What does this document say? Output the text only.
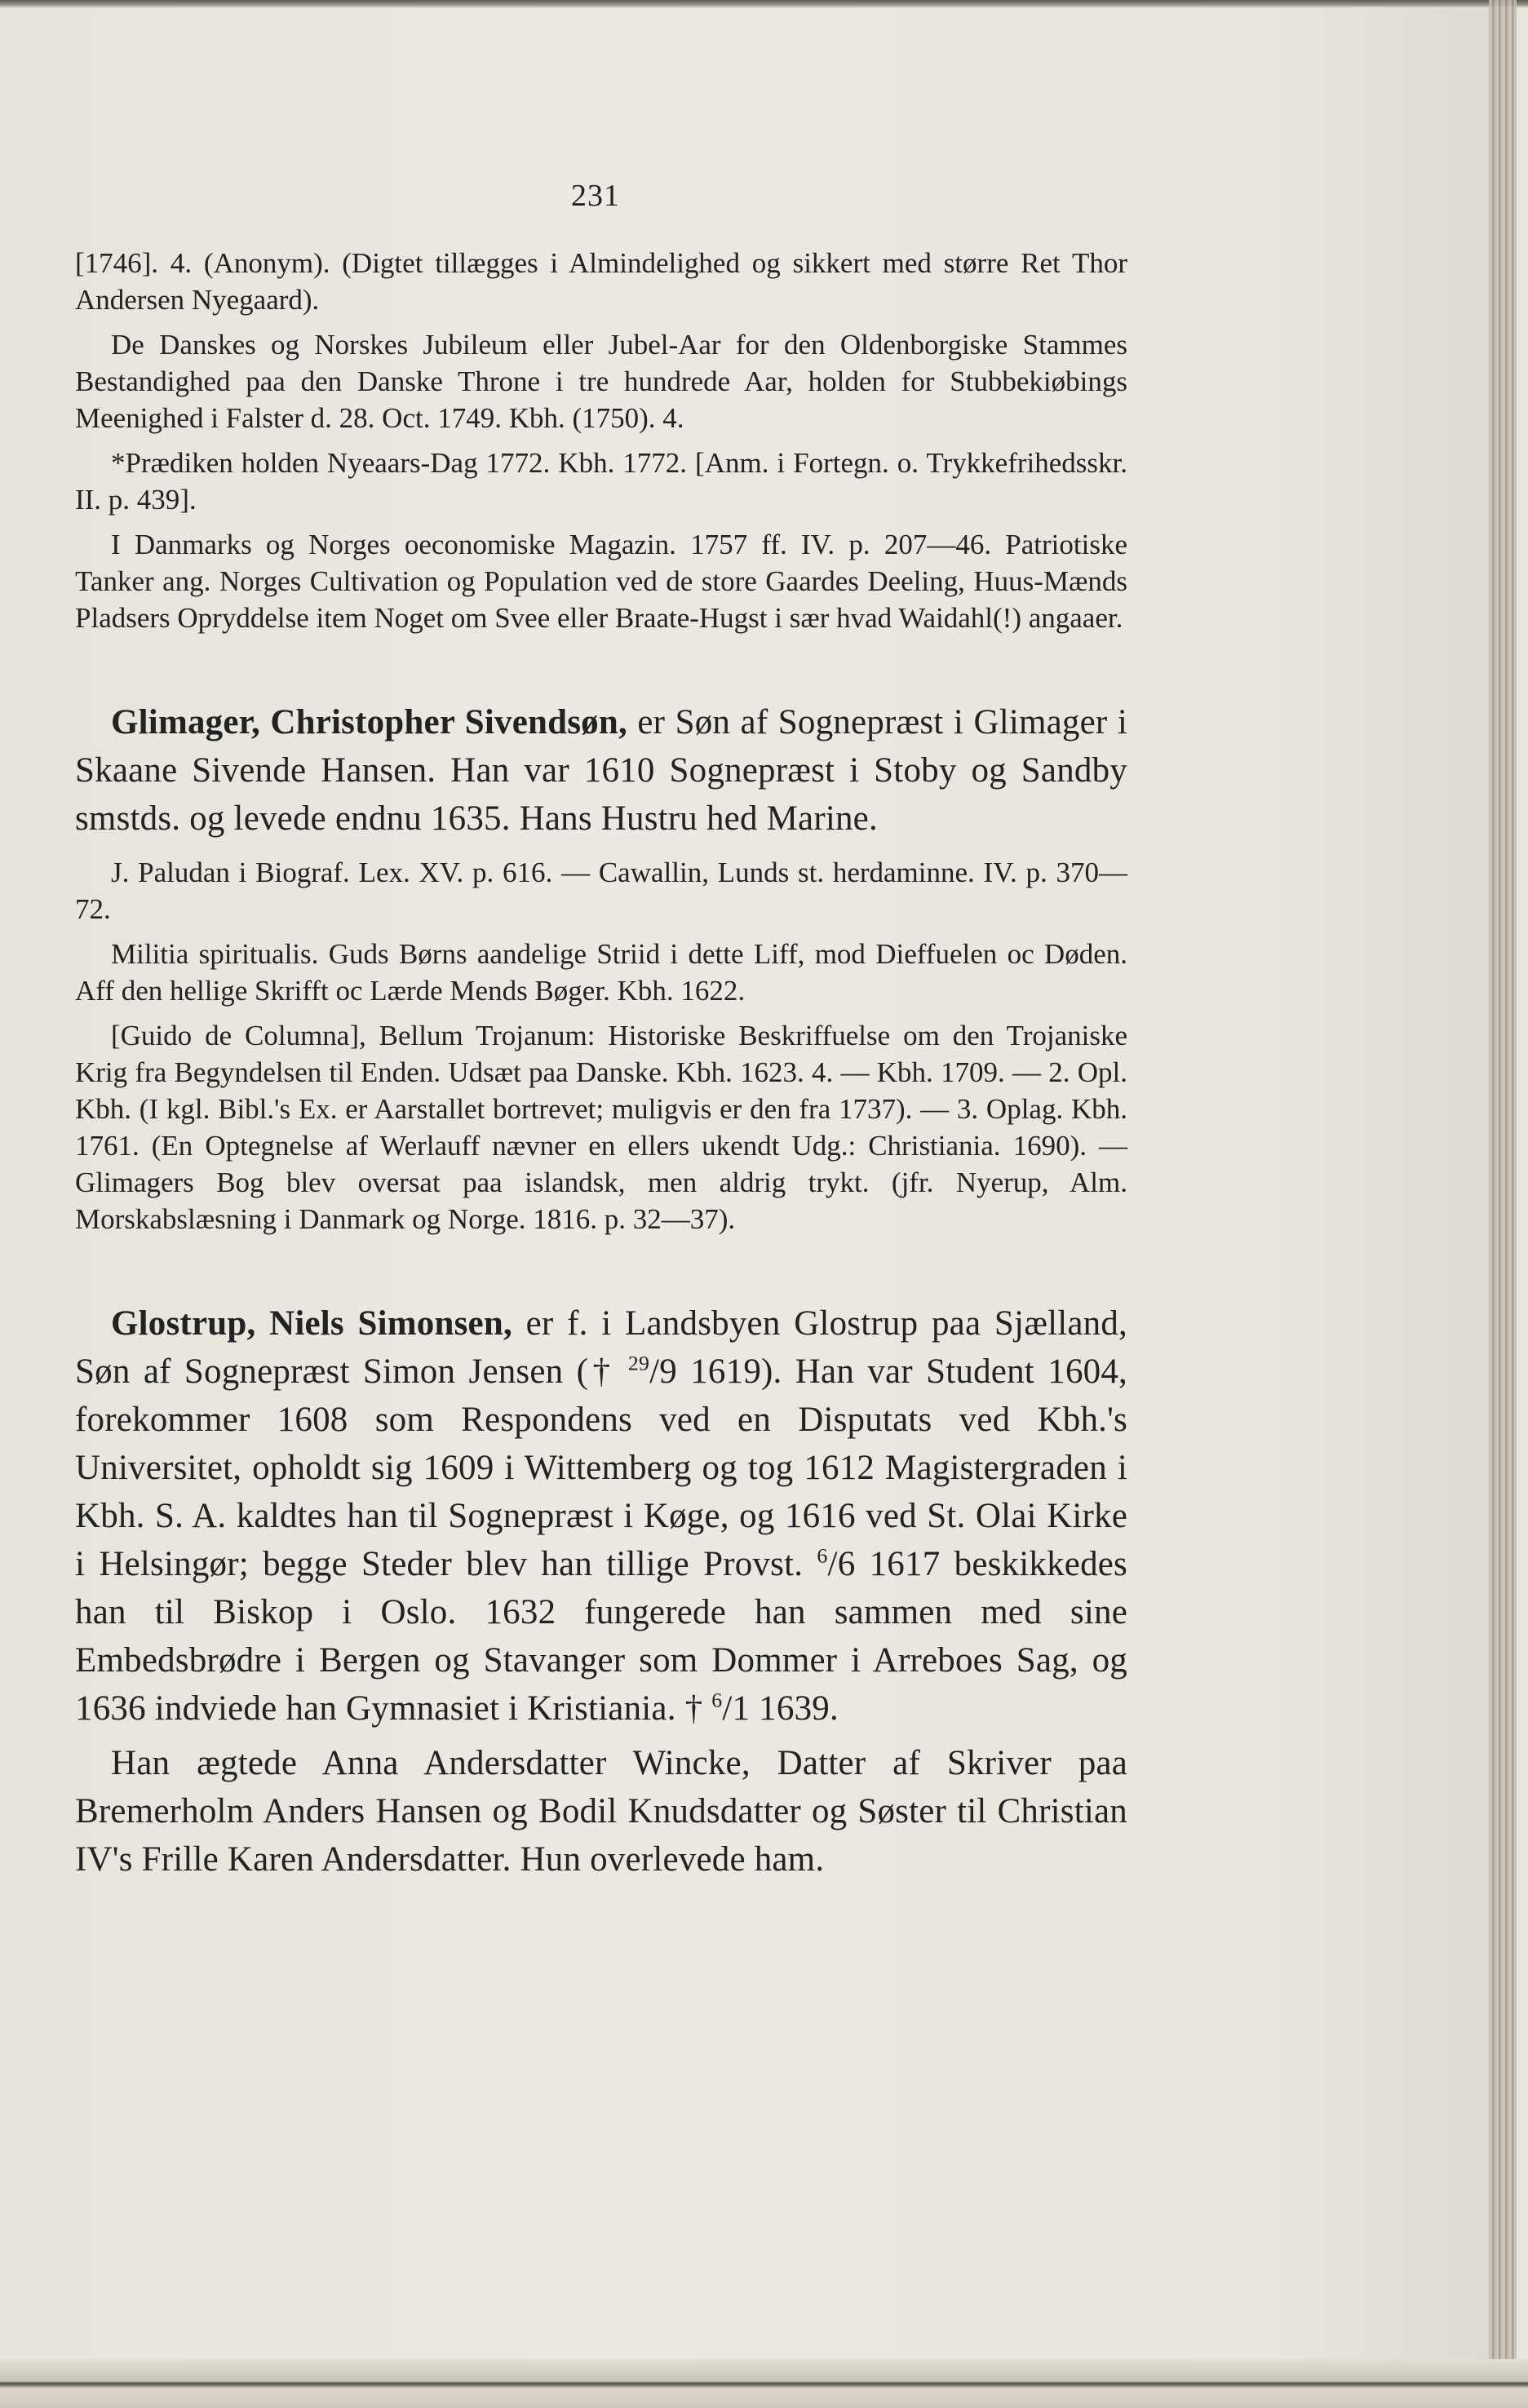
231

[1746]. 4. (Anonym). (Digtet tillægges i Almindelighed og sikkert med større Ret Thor Andersen Nyegaard).

De Danskes og Norskes Jubileum eller Jubel-Aar for den Oldenborgiske Stammes Bestandighed paa den Danske Throne i tre hundrede Aar, holden for Stubbekiøbings Meenighed i Falster d. 28. Oct. 1749. Kbh. (1750). 4.

*Prædiken holden Nyeaars-Dag 1772. Kbh. 1772. [Anm. i Fortegn. o. Trykkefrihedsskr. II. p. 439].

I Danmarks og Norges oeconomiske Magazin. 1757 ff. IV. p. 207—46. Patriotiske Tanker ang. Norges Cultivation og Population ved de store Gaardes Deeling, Huus-Mænds Pladsers Opryddelse item Noget om Svee eller Braate-Hugst i sær hvad Waidahl(!) angaaer.

Glimager, Christopher Sivendsøn, er Søn af Sognepræst i Glimager i Skaane Sivende Hansen. Han var 1610 Sognepræst i Stoby og Sandby smstds. og levede endnu 1635. Hans Hustru hed Marine.

J. Paludan i Biograf. Lex. XV. p. 616. — Cawallin, Lunds st. herdaminne. IV. p. 370—72.

Militia spiritualis. Guds Børns aandelige Striid i dette Liff, mod Dieffuelen oc Døden. Aff den hellige Skrifft oc Lærde Mends Bøger. Kbh. 1622.

[Guido de Columna], Bellum Trojanum: Historiske Beskriffuelse om den Trojaniske Krig fra Begyndelsen til Enden. Udsæt paa Danske. Kbh. 1623. 4. — Kbh. 1709. — 2. Opl. Kbh. (I kgl. Bibl.'s Ex. er Aarstallet bortrevet; muligvis er den fra 1737). — 3. Oplag. Kbh. 1761. (En Optegnelse af Werlauff nævner en ellers ukendt Udg.: Christiania. 1690). — Glimagers Bog blev oversat paa islandsk, men aldrig trykt. (jfr. Nyerup, Alm. Morskabslæsning i Danmark og Norge. 1816. p. 32—37).

Glostrup, Niels Simonsen, er f. i Landsbyen Glostrup paa Sjælland, Søn af Sognepræst Simon Jensen († $^{29}$/9 1619). Han var Student 1604, forekommer 1608 som Respondens ved en Disputats ved Kbh.'s Universitet, opholdt sig 1609 i Wittemberg og tog 1612 Magistergraden i Kbh. S. A. kaldtes han til Sognepræst i Køge, og 1616 ved St. Olai Kirke i Helsingør; begge Steder blev han tillige Provst. $^6$/6 1617 beskikkedes han til Biskop i Oslo. 1632 fungerede han sammen med sine Embedsbrødre i Bergen og Stavanger som Dommer i Arreboes Sag, og 1636 indviede han Gymnasiet i Kristiania. † $^6$/1 1639.

Han ægtede Anna Andersdatter Wincke, Datter af Skriver paa Bremerholm Anders Hansen og Bodil Knudsdatter og Søster til Christian IV's Frille Karen Andersdatter. Hun overlevede ham.
